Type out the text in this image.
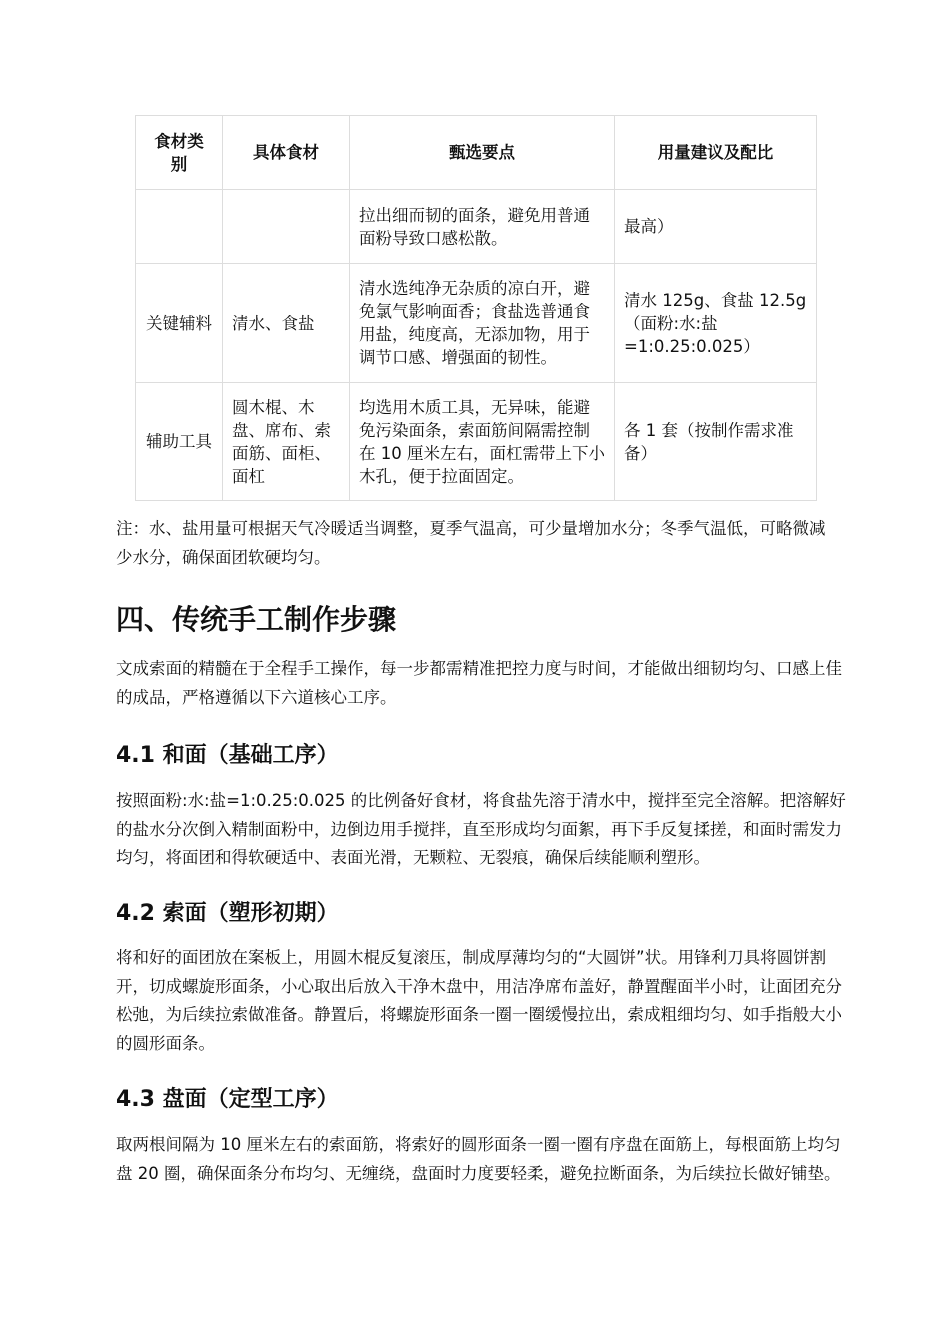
食材类别	具体食材	甄选要点	用量建议及配比
		拉出细而韧的面条，避免用普通面粉导致口感松散。	最高）
关键辅料	清水、食盐	清水选纯净无杂质的凉白开，避免氯气影响面香；食盐选普通食用盐，纯度高，无添加物，用于调节口感、增强面的韧性。	清水 125g、食盐 12.5g（面粉:水:盐=1:0.25:0.025）
辅助工具	圆木棍、木盘、席布、索面筋、面柜、面杠	均选用木质工具，无异味，能避免污染面条，索面筋间隔需控制在 10 厘米左右，面杠需带上下小木孔，便于拉面固定。	各 1 套（按制作需求准备）

注：水、盐用量可根据天气冷暖适当调整，夏季气温高，可少量增加水分；冬季气温低，可略微减少水分，确保面团软硬均匀。

四、传统手工制作步骤

文成索面的精髓在于全程手工操作，每一步都需精准把控力度与时间，才能做出细韧均匀、口感上佳的成品，严格遵循以下六道核心工序。

4.1 和面（基础工序）

按照面粉:水:盐=1:0.25:0.025 的比例备好食材，将食盐先溶于清水中，搅拌至完全溶解。把溶解好的盐水分次倒入精制面粉中，边倒边用手搅拌，直至形成均匀面絮，再下手反复揉搓，和面时需发力均匀，将面团和得软硬适中、表面光滑，无颗粒、无裂痕，确保后续能顺利塑形。

4.2 索面（塑形初期）

将和好的面团放在案板上，用圆木棍反复滚压，制成厚薄均匀的“大圆饼”状。用锋利刀具将圆饼割开，切成螺旋形面条，小心取出后放入干净木盘中，用洁净席布盖好，静置醒面半小时，让面团充分松弛，为后续拉索做准备。静置后，将螺旋形面条一圈一圈缓慢拉出，索成粗细均匀、如手指般大小的圆形面条。

4.3 盘面（定型工序）

取两根间隔为 10 厘米左右的索面筋，将索好的圆形面条一圈一圈有序盘在面筋上，每根面筋上均匀盘 20 圈，确保面条分布均匀、无缠绕，盘面时力度要轻柔，避免拉断面条，为后续拉长做好铺垫。
